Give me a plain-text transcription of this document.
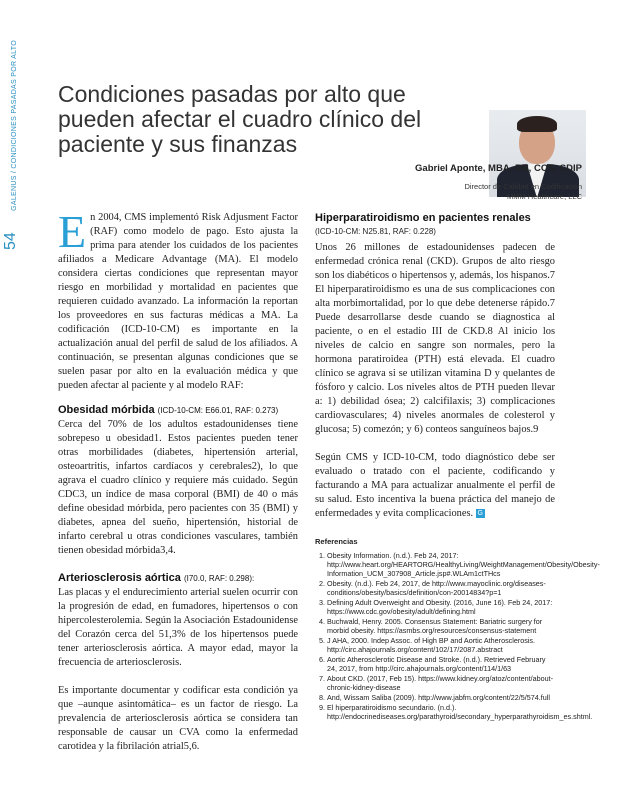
54
GALENUS / CONDICIONES PASADAS POR ALTO Condiciones pasadas por alto que pueden afectar el cuadro clínico del paciente y sus finanzas
Gabriel Aponte, MBA, RN, CCS, CDIP
Director de Calidad en Codificación
MMM Healthcare, LLC

En 2004, CMS implementó Risk Adjusment Factor (RAF) como modelo de pago. Esto ajusta la prima para atender los cuidados de los pacientes afiliados a Medicare Advantage (MA). El modelo considera ciertas condiciones que representan mayor riesgo en morbilidad y mortalidad en pacientes que requieren cuidado avanzado. La información la reportan los proveedores en sus facturas médicas a MA. La codificación (ICD-10-CM) es importante en la actualización anual del perfil de salud de los afiliados. A continuación, se presentan algunas condiciones que se suelen pasar por alto en la evaluación médica y que pueden afectar al paciente y al modelo RAF:

Obesidad mórbida (ICD-10-CM: E66.01, RAF: 0.273)

Cerca del 70% de los adultos estadounidenses tiene sobrepeso u obesidad1. Estos pacientes pueden tener otras morbilidades (diabetes, hipertensión arterial, osteoartritis, infartos cardíacos y cerebrales2), lo que agrava el cuadro clínico y requiere más cuidado. Según CDC3, un índice de masa corporal (BMI) de 40 o más define obesidad mórbida, pero pacientes con 35 (BMI) y diabetes, apnea del sueño, hipertensión, historial de infarto cerebral u otras condiciones vasculares, también tienen obesidad mórbida3,4.

Arteriosclerosis aórtica (I70.0, RAF: 0.298):

Las placas y el endurecimiento arterial suelen ocurrir con la progresión de edad, en fumadores, hipertensos o con hipercolesterolemia. Según la Asociación Estadounidense del Corazón cerca del 51,3% de los hipertensos puede tener arteriosclerosis aórtica. A mayor edad, mayor la frecuencia de arteriosclerosis.

Es importante documentar y codificar esta condición ya que –aunque asintomática– es un factor de riesgo. La prevalencia de arteriosclerosis aórtica se considera tan responsable de causar un CVA como la enfermedad carotidea y la fibrilación atrial5,6.

Hiperparatiroidismo en pacientes renales
(ICD-10-CM: N25.81, RAF: 0.228)

Unos 26 millones de estadounidenses padecen de enfermedad crónica renal (CKD). Grupos de alto riesgo son los diabéticos o hipertensos y, además, los hispanos.7 El hiperparatiroidismo es una de sus complicaciones con alta morbimortalidad, por lo que debe detenerse rápido.7 Puede desarrollarse desde cuando se diagnostica al paciente, o en el estadio III de CKD.8 Al inicio los niveles de calcio en sangre son normales, pero la hormona paratiroidea (PTH) está elevada. El cuadro clínico se agrava si se utilizan vitamina D y quelantes de fósforo y calcio. Los niveles altos de PTH pueden llevar a: 1) debilidad ósea; 2) calcifilaxis; 3) complicaciones cardiovasculares; 4) niveles anormales de colesterol y glucosa; 5) comezón; y 6) conteos sanguíneos bajos.9

Según CMS y ICD-10-CM, todo diagnóstico debe ser evaluado o tratado con el paciente, codificando y facturando a MA para actualizar anualmente el perfil de su salud. Esto incentiva la buena práctica del manejo de enfermedades y evita complicaciones. G

Referencias
1. Obesity Information. (n.d.). Feb 24, 2017: http://www.heart.org/HEARTORG/HealthyLiving/WeightManagement/Obesity/Obesity-Information_UCM_307908_Article.jsp#.WLAm1ctTHcs
2. Obesity. (n.d.). Feb 24, 2017, de http://www.mayoclinic.org/diseases-conditions/obesity/basics/definition/con-20014834?p=1
3. Defining Adult Overweight and Obesity. (2016, June 16). Feb 24, 2017: https://www.cdc.gov/obesity/adult/defining.html
4. Buchwald, Henry. 2005. Consensus Statement: Bariatric surgery for morbid obesity. https://asmbs.org/resources/consensus-statement
5. J AHA, 2000. Indep Assoc. of High BP and Aortic Atherosclerosis. http://circ.ahajournals.org/content/102/17/2087.abstract
6. Aortic Atherosclerotic Disease and Stroke. (n.d.). Retrieved February 24, 2017, from http://circ.ahajournals.org/content/114/1/63
7. About CKD. (2017, Feb 15). https://www.kidney.org/atoz/content/about-chronic-kidney-disease
8. And, Wissam Saliba (2009). http://www.jabfm.org/content/22/5/574.full
9. El hiperparatiroidismo secundario. (n.d.). http://endocrinediseases.org/parathyroid/secondary_hyperparathyroidism_es.shtml.
